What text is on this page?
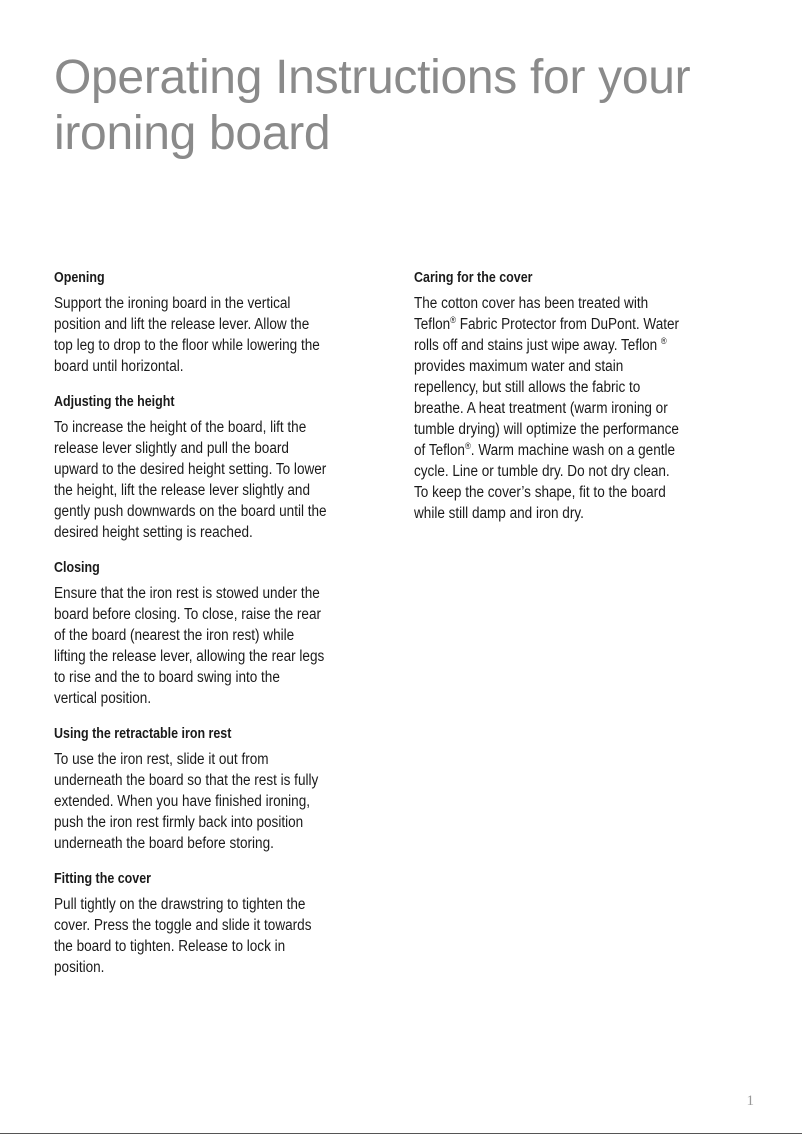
Operating Instructions for your
ironing board
Opening

Support the ironing board in the vertical
position and lift the release lever. Allow the
top leg to drop to the floor while lowering the
board until horizontal.

Adjusting the height

To increase the height of the board, lift the
release lever slightly and pull the board
upward to the desired height setting. To lower
the height, lift the release lever slightly and
gently push downwards on the board until the
desired height setting is reached.

Closing

Ensure that the iron rest is stowed under the
board before closing. To close, raise the rear
of the board (nearest the iron rest) while
lifting the release lever, allowing the rear legs
to rise and the to board swing into the
vertical position.

Using the retractable iron rest

To use the iron rest, slide it out from
underneath the board so that the rest is fully
extended. When you have finished ironing,
push the iron rest firmly back into position
underneath the board before storing.

Fitting the cover

Pull tightly on the drawstring to tighten the
cover. Press the toggle and slide it towards
the board to tighten. Release to lock in
position.

Caring for the cover

The cotton cover has been treated with
Teflon® Fabric Protector from DuPont. Water
rolls off and stains just wipe away. Teflon ®
provides maximum water and stain
repellency, but still allows the fabric to
breathe. A heat treatment (warm ironing or
tumble drying) will optimize the performance
of Teflon®. Warm machine wash on a gentle
cycle. Line or tumble dry. Do not dry clean.
To keep the cover’s shape, fit to the board
while still damp and iron dry.

1
